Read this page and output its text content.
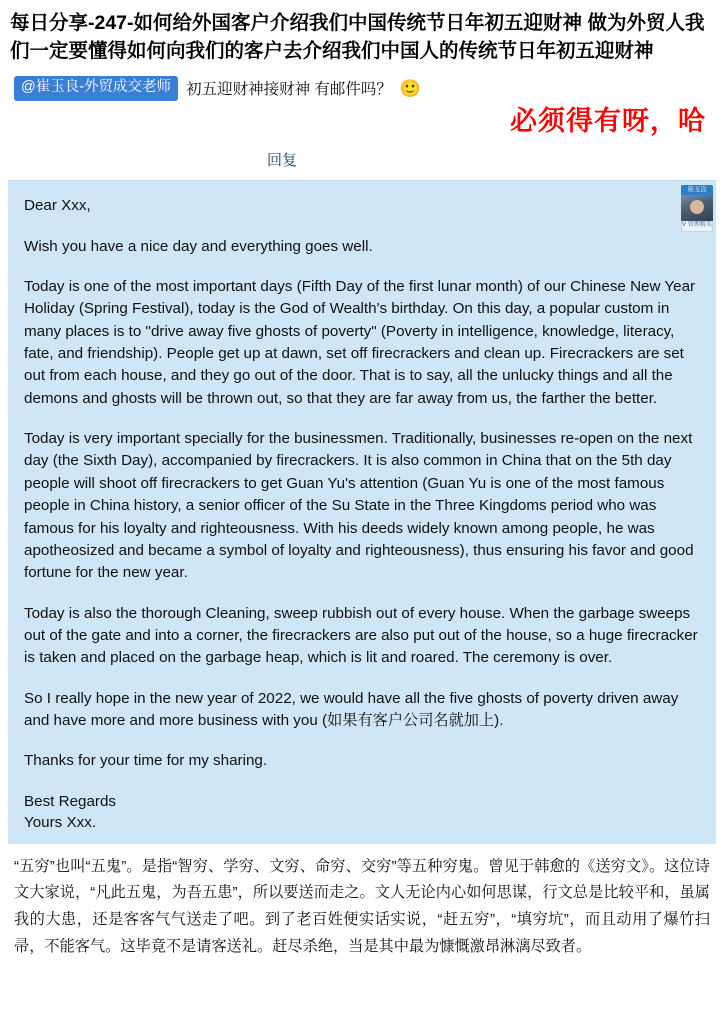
每日分享-247-如何给外国客户介绍我们中国传统节日年初五迎财神 做为外贸人我们一定要懂得如何向我们的客户去介绍我们中国人的传统节日年初五迎财神
@崔玉良-外贸成交老师 初五迎财神接财神 有邮件吗？ 🙂
必须得有呀，哈
回复
崔玉良
V 管理精英

Dear Xxx,

Wish you have a nice day and everything goes well.

Today is one of the most important days (Fifth Day of the first lunar month) of our Chinese New Year Holiday (Spring Festival), today is the God of Wealth's birthday. On this day, a popular custom in many places is to "drive away five ghosts of poverty" (Poverty in intelligence, knowledge, literacy, fate, and friendship). People get up at dawn, set off firecrackers and clean up. Firecrackers are set out from each house, and they go out of the door. That is to say, all the unlucky things and all the demons and ghosts will be thrown out, so that they are far away from us, the farther the better.

Today is very important specially for the businessmen. Traditionally, businesses re-open on the next day (the Sixth Day), accompanied by firecrackers. It is also common in China that on the 5th day people will shoot off firecrackers to get Guan Yu's attention (Guan Yu is one of the most famous people in China history, a senior officer of the Su State in the Three Kingdoms period who was famous for his loyalty and righteousness. With his deeds widely known among people, he was apotheosized and became a symbol of loyalty and righteousness), thus ensuring his favor and good fortune for the new year.

Today is also the thorough Cleaning, sweep rubbish out of every house. When the garbage sweeps out of the gate and into a corner, the firecrackers are also put out of the house, so a huge firecracker is taken and placed on the garbage heap, which is lit and roared. The ceremony is over.

So I really hope in the new year of 2022, we would have all the five ghosts of poverty driven away and have more and more business with you (如果有客户公司名就加上).

Thanks for your time for my sharing.

Best Regards

Yours Xxx.

“五穷”也叫“五鬼”。是指“智穷、学穷、文穷、命穷、交穷”等五种穷鬼。曾见于韩愈的《送穷文》。这位诗文大家说，“凡此五鬼，为吾五患”，所以要送而走之。文人无论内心如何思谋，行文总是比较平和，虽属我的大患，还是客客气气送走了吧。到了老百姓便实话实说，“赶五穷”，“填穷坑”，而且动用了爆竹扫帚，不能客气。这毕竟不是请客送礼。赶尽杀绝，当是其中最为慷慨激昂淋漓尽致者。
